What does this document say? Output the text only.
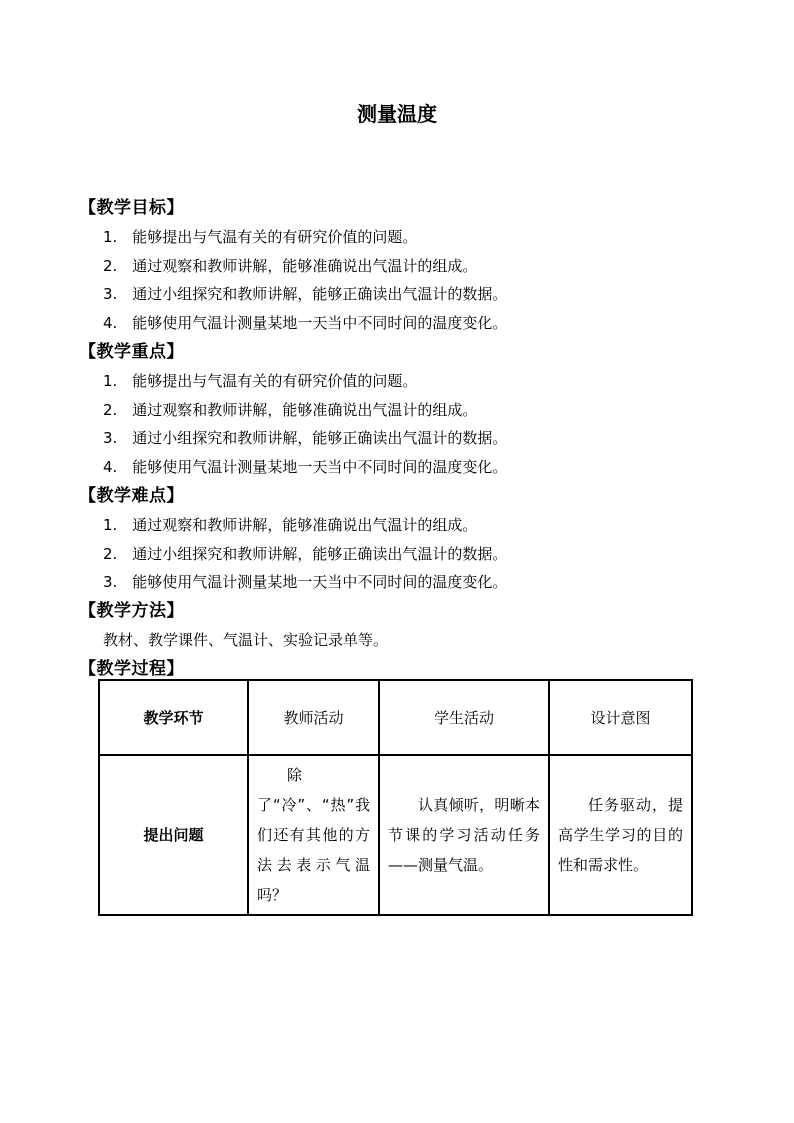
测量温度

【教学目标】

1.　能够提出与气温有关的有研究价值的问题。

2.　通过观察和教师讲解，能够准确说出气温计的组成。

3.　通过小组探究和教师讲解，能够正确读出气温计的数据。

4.　能够使用气温计测量某地一天当中不同时间的温度变化。

【教学重点】

1.　能够提出与气温有关的有研究价值的问题。

2.　通过观察和教师讲解，能够准确说出气温计的组成。

3.　通过小组探究和教师讲解，能够正确读出气温计的数据。

4.　能够使用气温计测量某地一天当中不同时间的温度变化。

【教学难点】

1.　通过观察和教师讲解，能够准确说出气温计的组成。

2.　通过小组探究和教师讲解，能够正确读出气温计的数据。

3.　能够使用气温计测量某地一天当中不同时间的温度变化。

【教学方法】

教材、教学课件、气温计、实验记录单等。

【教学过程】

教学环节	教师活动	学生活动	设计意图
提出问题	除了“冷”、“热”我们还有其他的方法去表示气温吗？	认真倾听，明晰本节课的学习活动任务——测量气温。	任务驱动，提高学生学习的目的性和需求性。
